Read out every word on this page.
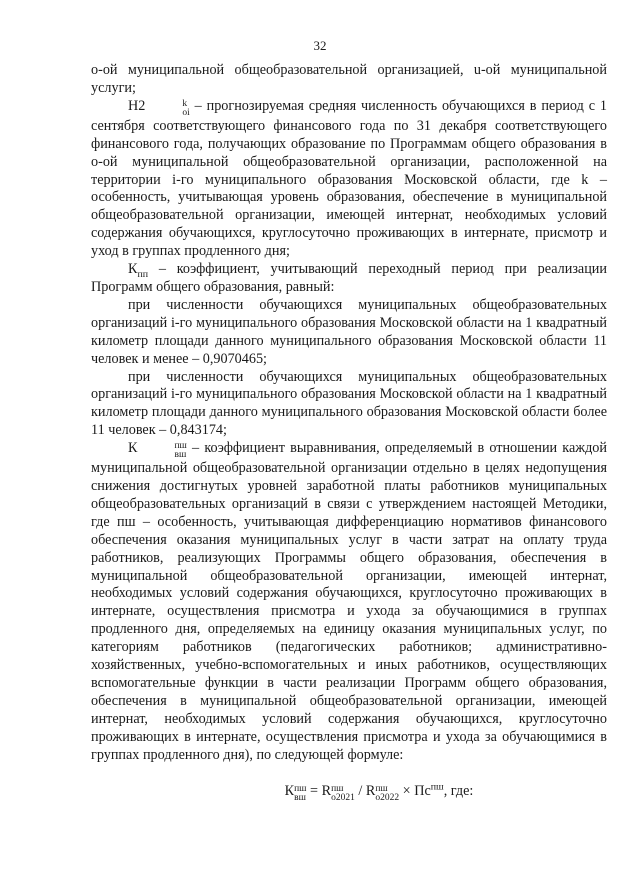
32

о-ой муниципальной общеобразовательной организацией, u-ой муниципальной услуги;

Н2	k
oi – прогнозируемая средняя численность обучающихся в период с 1 сентября соответствующего финансового года по 31 декабря соответствующего финансового года, получающих образование по Программам общего образования в о-ой муниципальной общеобразовательной организации, расположенной на территории i-го муниципального образования Московской области, где k – особенность, учитывающая уровень образования, обеспечение в муниципальной общеобразовательной организации, имеющей интернат, необходимых условий содержания обучающихся, круглосуточно проживающих в интернате, присмотр и уход в группах продленного дня;

$К_{пп}$ – коэффициент, учитывающий переходный период при реализации Программ общего образования, равный:

при численности обучающихся муниципальных общеобразовательных организаций i-го муниципального образования Московской области на 1 квадратный километр площади данного муниципального образования Московской области 11 человек и менее – 0,9070465;

при численности обучающихся муниципальных общеобразовательных организаций i-го муниципального образования Московской области на 1 квадратный километр площади данного муниципального образования Московской области более 11 человек – 0,843174;

К	пш
вш – коэффициент выравнивания, определяемый в отношении каждой муниципальной общеобразовательной организации отдельно в целях недопущения снижения достигнутых уровней заработной платы работников муниципальных общеобразовательных организаций в связи с утверждением настоящей Методики, где пш – особенность, учитывающая дифференциацию нормативов финансового обеспечения оказания муниципальных услуг в части затрат на оплату труда работников, реализующих Программы общего образования, обеспечения в муниципальной общеобразовательной организации, имеющей интернат, необходимых условий содержания обучающихся, круглосуточно проживающих в интернате, осуществления присмотра и ухода за обучающимися в группах продленного дня, определяемых на единицу оказания муниципальных услуг, по категориям работников (педагогических работников; административно-хозяйственных, учебно-вспомогательных и иных работников, осуществляющих вспомогательные функции в части реализации Программ общего образования, обеспечения в муниципальной общеобразовательной организации, имеющей интернат, необходимых условий содержания обучающихся, круглосуточно проживающих в интернате, осуществления присмотра и ухода за обучающимися в группах продленного дня), по следующей формуле:

К пш
вш = R пш
o2021 / R пш
$o2022 \times Пс^{пш}$, где:
